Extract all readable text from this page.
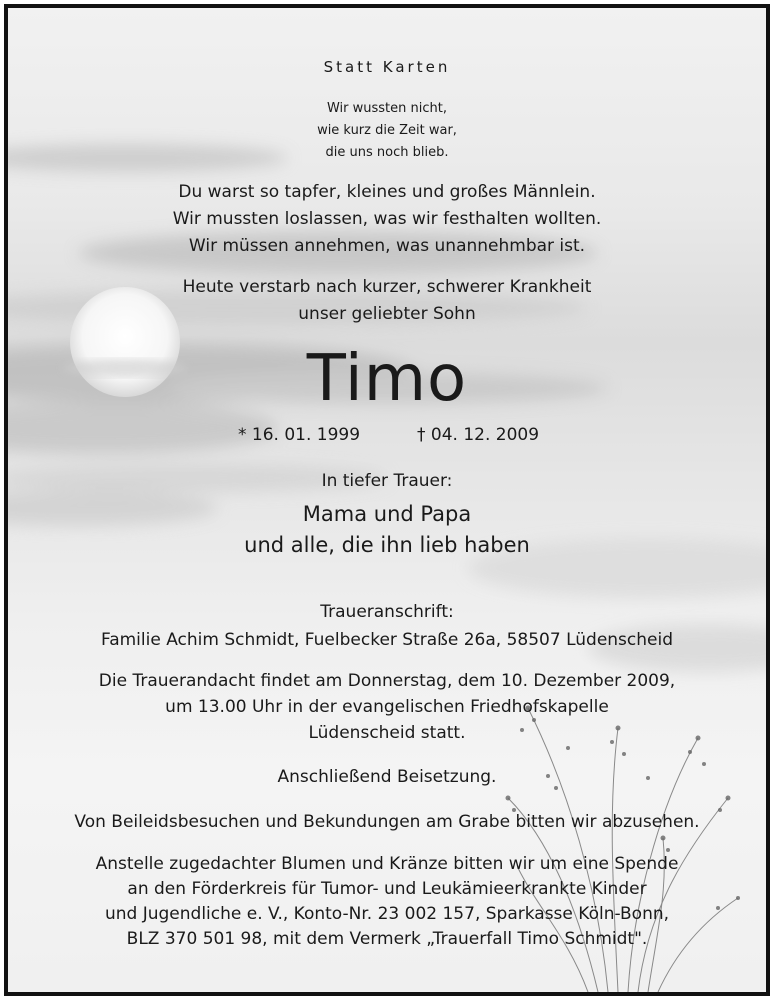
Statt Karten
Wir wussten nicht,
wie kurz die Zeit war,
die uns noch blieb.
Du warst so tapfer, kleines und großes Männlein.
Wir mussten loslassen, was wir festhalten wollten.
Wir müssen annehmen, was unannehmbar ist.
Heute verstarb nach kurzer, schwerer Krankheit
unser geliebter Sohn
Timo
* 16. 01. 1999	† 04. 12. 2009
In tiefer Trauer:
Mama und Papa
und alle, die ihn lieb haben
Traueranschrift:
Familie Achim Schmidt, Fuelbecker Straße 26a, 58507 Lüdenscheid
Die Trauerandacht findet am Donnerstag, dem 10. Dezember 2009,
um 13.00 Uhr in der evangelischen Friedhofskapelle
Lüdenscheid statt.
Anschließend Beisetzung.
Von Beileidsbesuchen und Bekundungen am Grabe bitten wir abzusehen.
Anstelle zugedachter Blumen und Kränze bitten wir um eine Spende
an den Förderkreis für Tumor- und Leukämieerkrankte Kinder
und Jugendliche e. V., Konto-Nr. 23 002 157, Sparkasse Köln-Bonn,
BLZ 370 501 98, mit dem Vermerk „Trauerfall Timo Schmidt".
